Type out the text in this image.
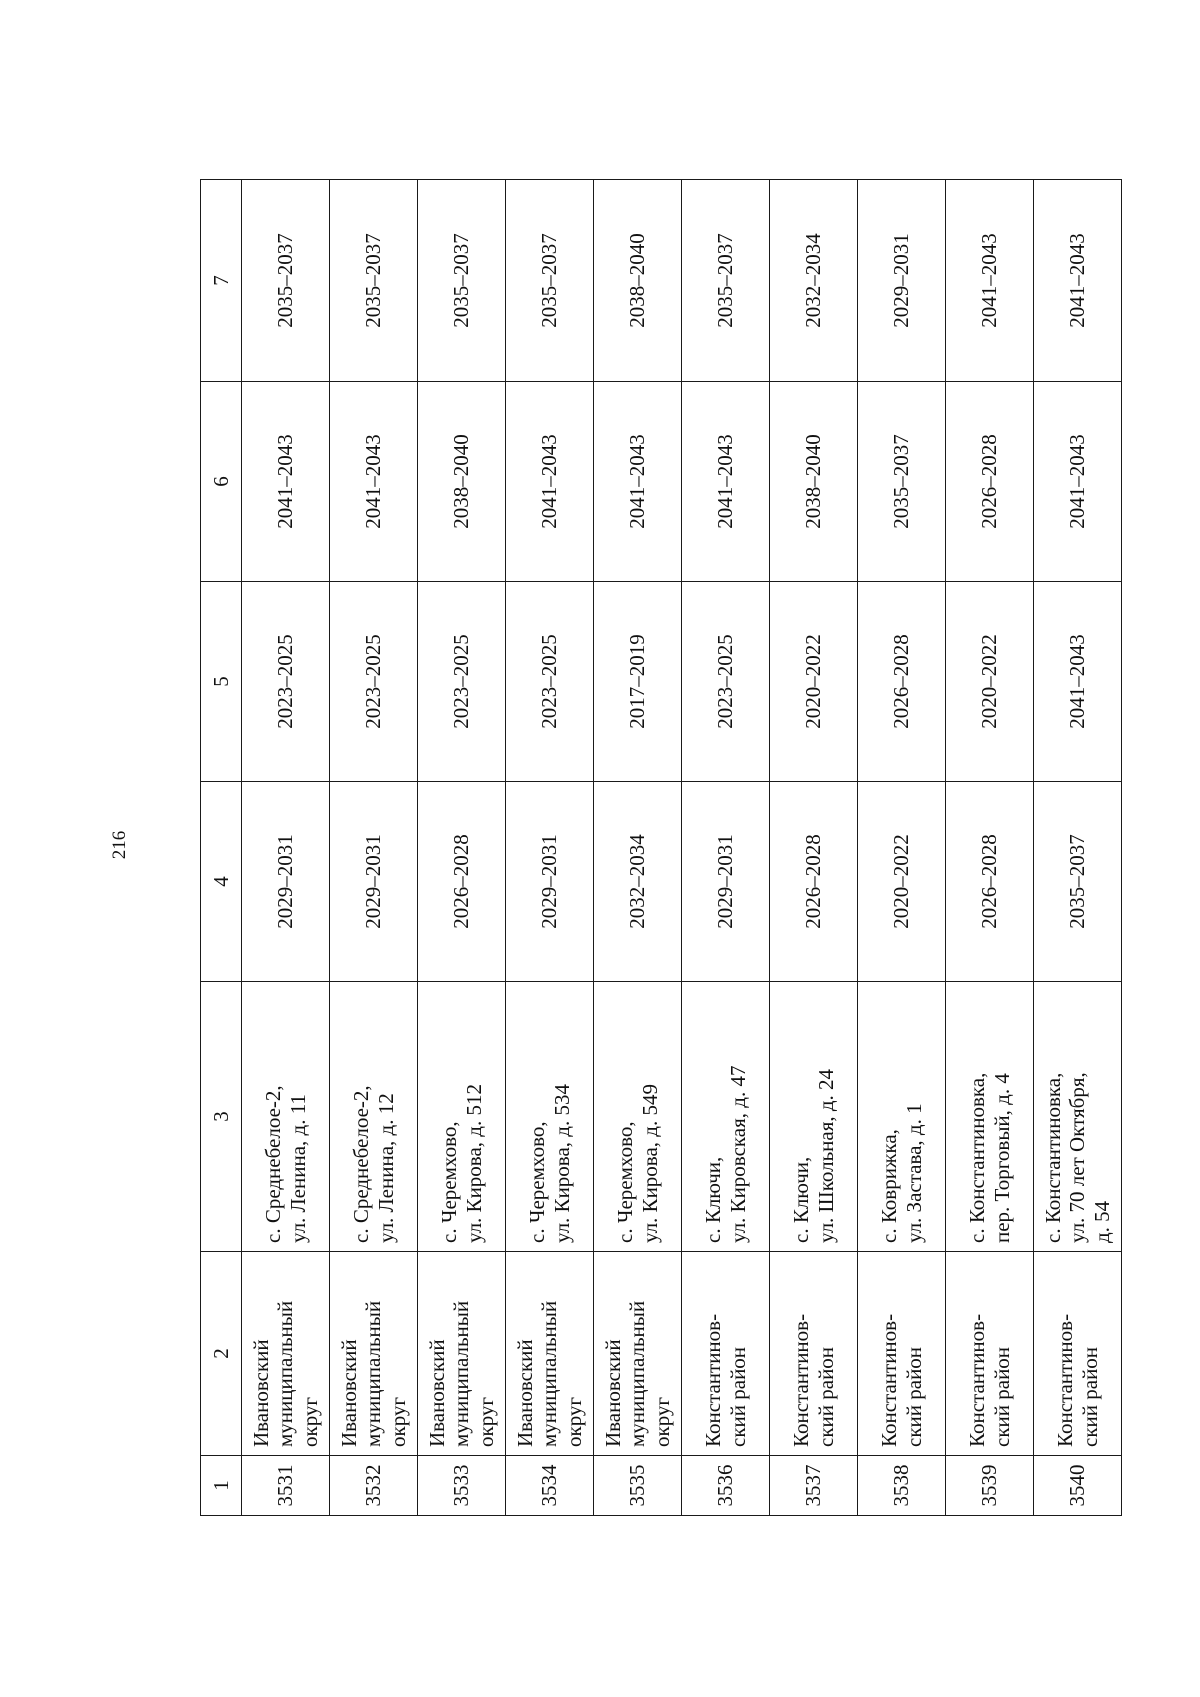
216
1	2	3	4	5	6	7
3531	Ивановский муниципальный округ	с. Среднебелое-2, ул. Ленина, д. 11	2029–2031	2023–2025	2041–2043	2035–2037
3532	Ивановский муниципальный округ	с. Среднебелое-2, ул. Ленина, д. 12	2029–2031	2023–2025	2041–2043	2035–2037
3533	Ивановский муниципальный округ	с. Черемхово, ул. Кирова, д. 512	2026–2028	2023–2025	2038–2040	2035–2037
3534	Ивановский муниципальный округ	с. Черемхово, ул. Кирова, д. 534	2029–2031	2023–2025	2041–2043	2035–2037
3535	Ивановский муниципальный округ	с. Черемхово, ул. Кирова, д. 549	2032–2034	2017–2019	2041–2043	2038–2040
3536	Константинов- ский район	с. Ключи, ул. Кировская, д. 47	2029–2031	2023–2025	2041–2043	2035–2037
3537	Константинов- ский район	с. Ключи, ул. Школьная, д. 24	2026–2028	2020–2022	2038–2040	2032–2034
3538	Константинов- ский район	с. Коврижка, ул. Застава, д. 1	2020–2022	2026–2028	2035–2037	2029–2031
3539	Константинов- ский район	с. Константиновка, пер. Торговый, д. 4	2026–2028	2020–2022	2026–2028	2041–2043
3540	Константинов- ский район	с. Константиновка, ул. 70 лет Октября, д. 54	2035–2037	2041–2043	2041–2043	2041–2043
